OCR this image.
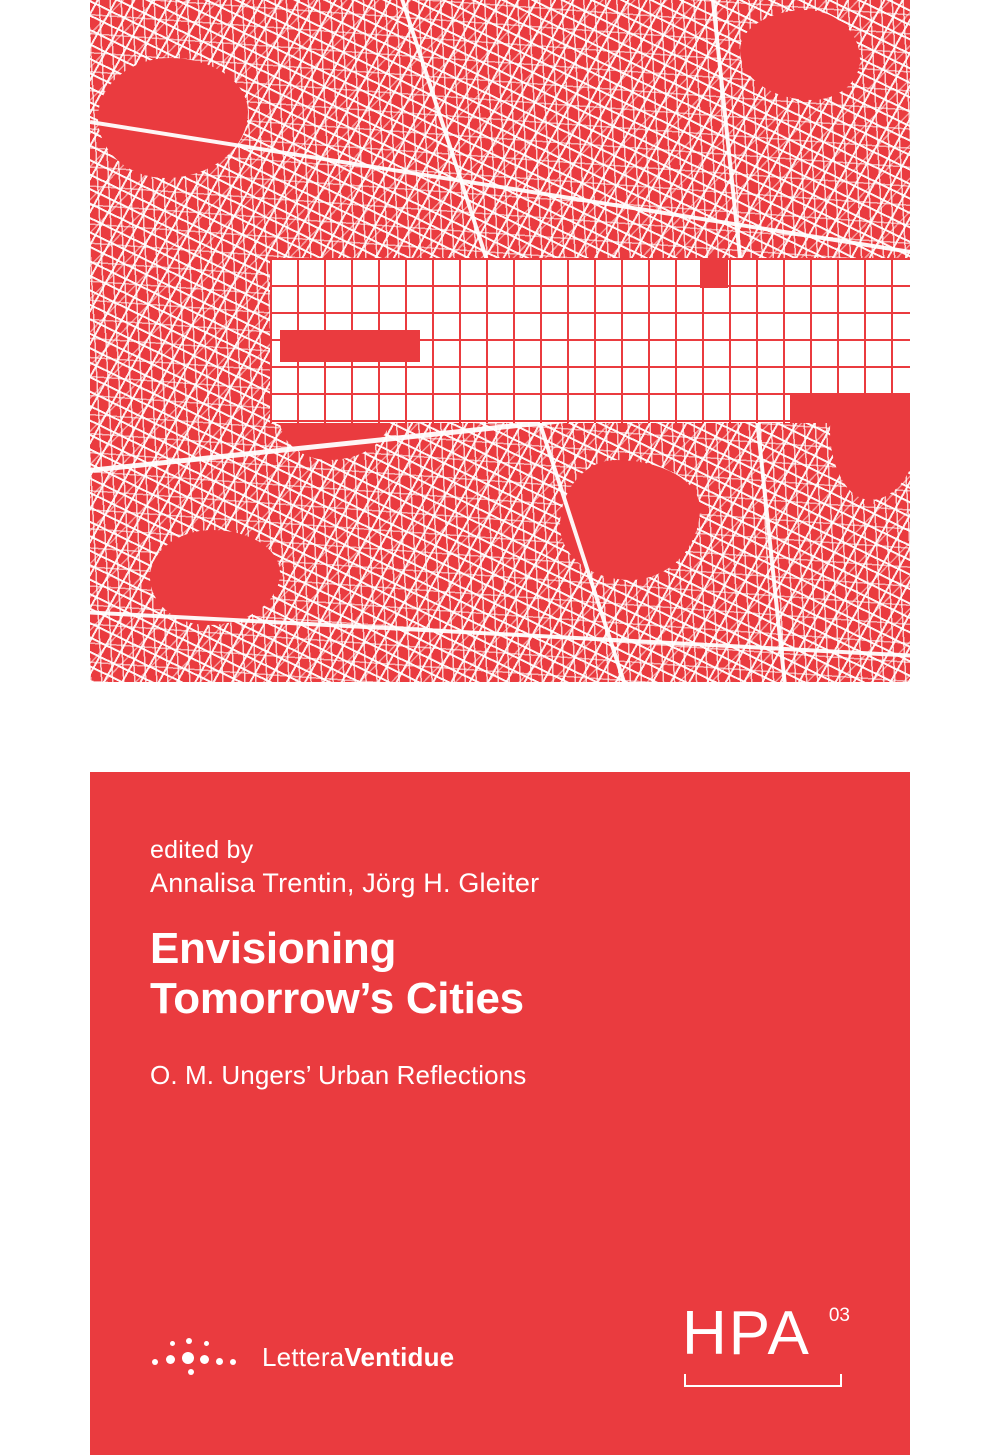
edited by
Annalisa Trentin, Jörg H. Gleiter
Envisioning
Tomorrow’s Cities
O. M. Ungers’ Urban Reflections
LetteraVentidue	HPA 03
